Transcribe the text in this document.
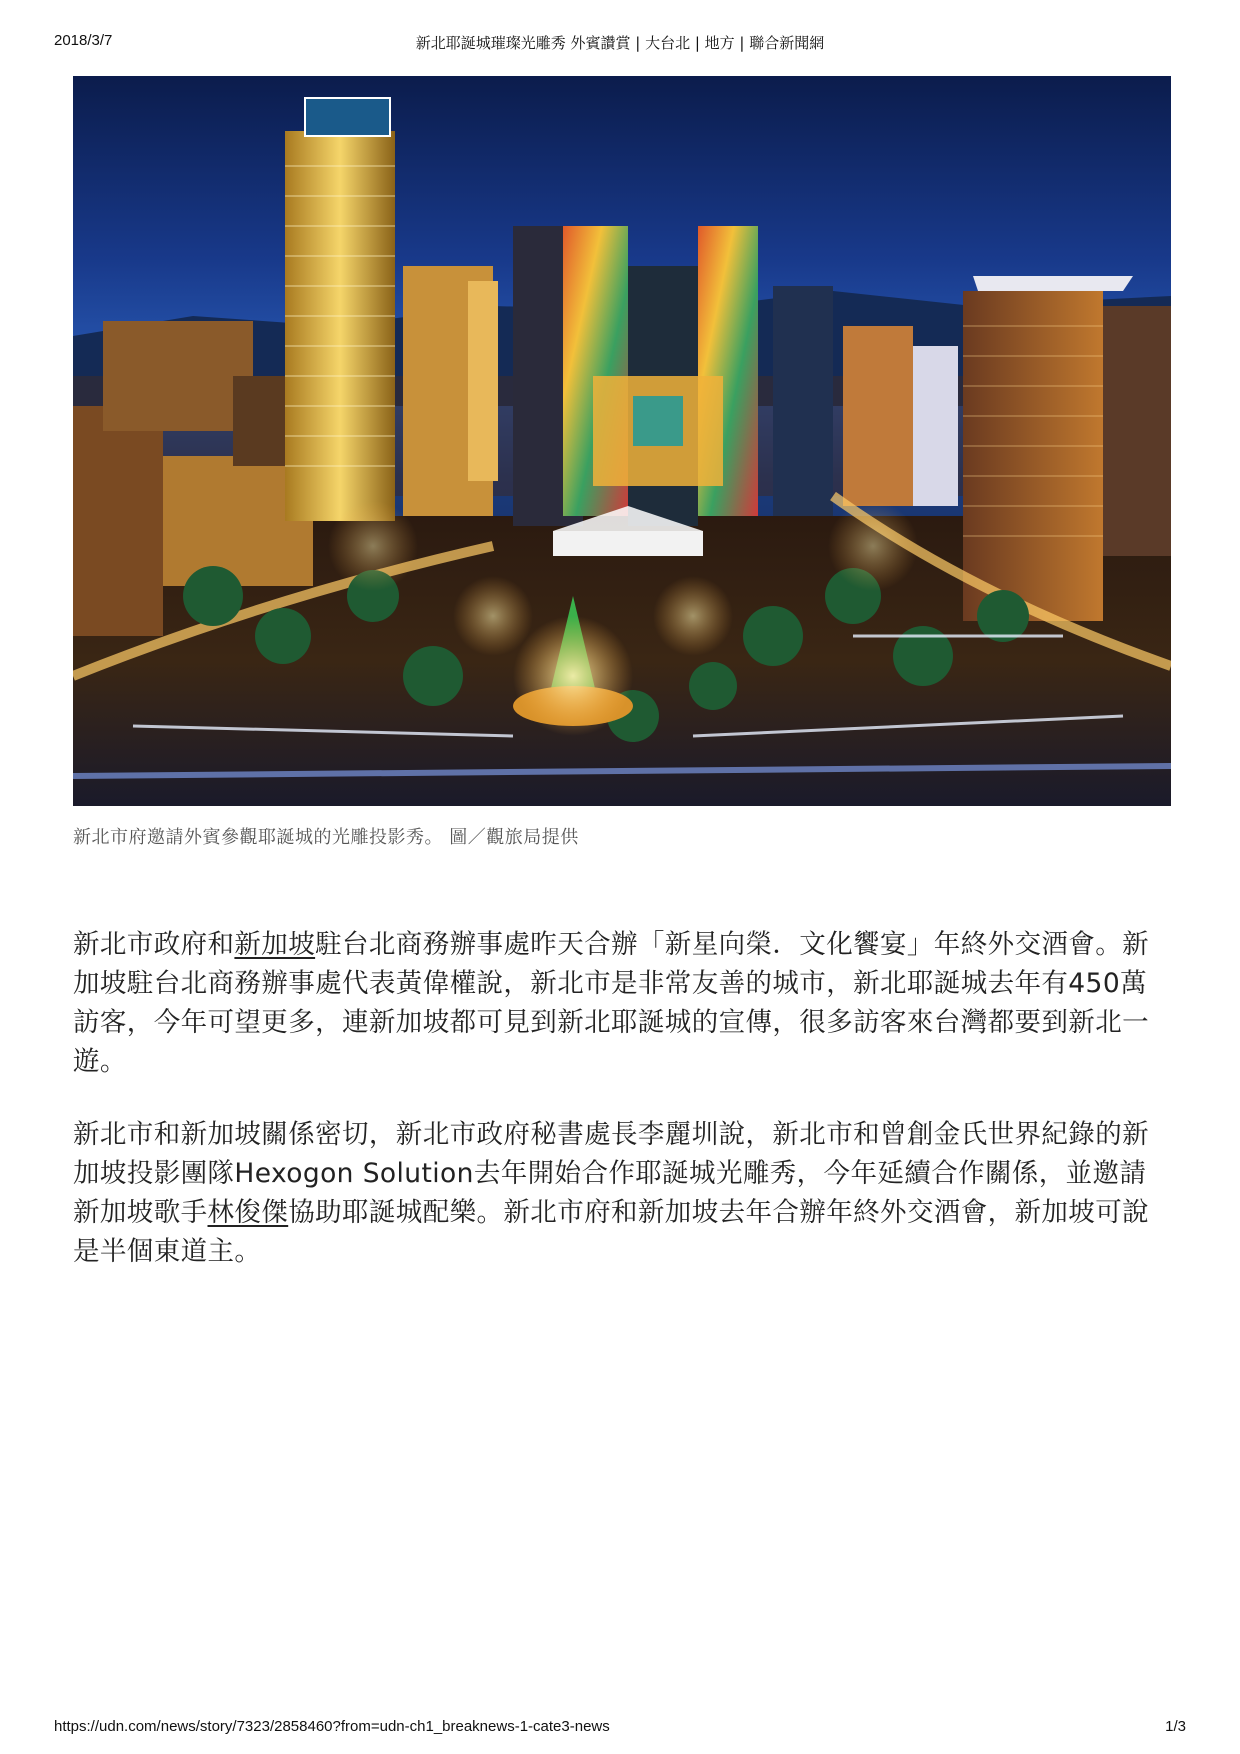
2018/3/7	新北耶誕城璀璨光雕秀 外賓讚賞 | 大台北 | 地方 | 聯合新聞網
新北市府邀請外賓參觀耶誕城的光雕投影秀。 圖／觀旅局提供

新北市政府和新加坡駐台北商務辦事處昨天合辦「新星向榮．文化饗宴」年終外交酒會。新加坡駐台北商務辦事處代表黃偉權說，新北市是非常友善的城市，新北耶誕城去年有450萬訪客，今年可望更多，連新加坡都可見到新北耶誕城的宣傳，很多訪客來台灣都要到新北一遊。

新北市和新加坡關係密切，新北市政府秘書處長李麗圳說，新北市和曾創金氏世界紀錄的新加坡投影團隊Hexogon Solution去年開始合作耶誕城光雕秀，今年延續合作關係，並邀請新加坡歌手林俊傑協助耶誕城配樂。新北市府和新加坡去年合辦年終外交酒會，新加坡可說是半個東道主。

https://udn.com/news/story/7323/2858460?from=udn-ch1_breaknews-1-cate3-news	1/3
